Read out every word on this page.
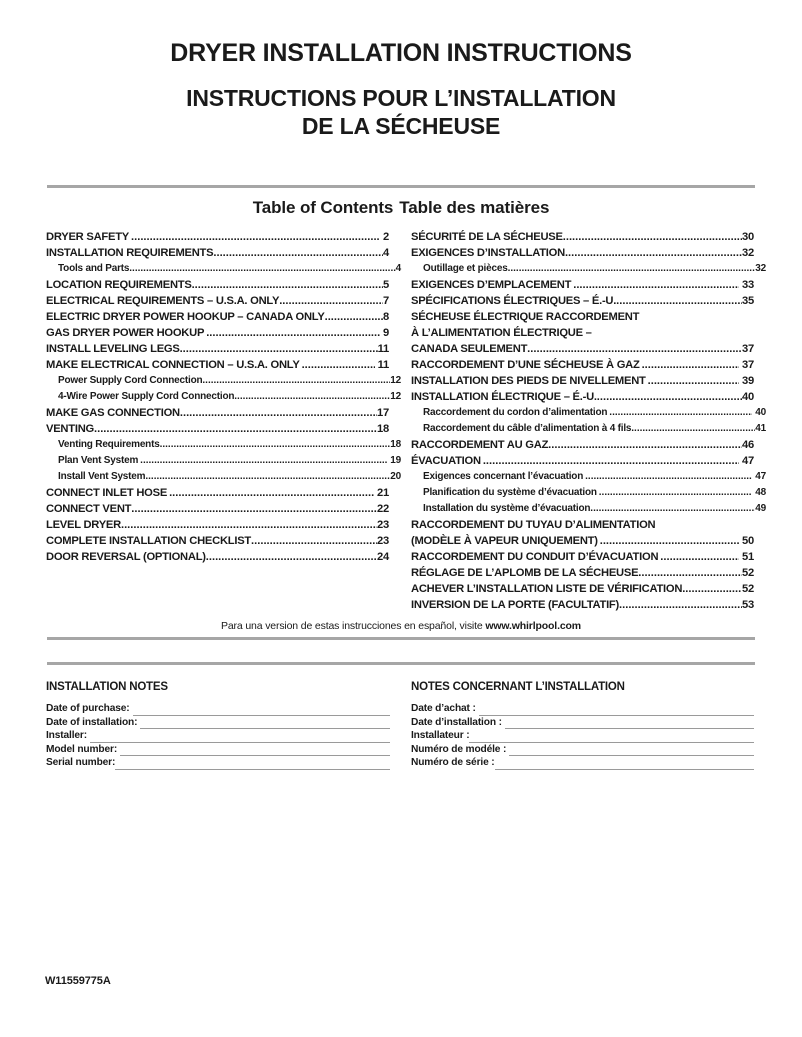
DRYER INSTALLATION INSTRUCTIONS
INSTRUCTIONS POUR L’INSTALLATION
DE LA SÉCHEUSE
Table of Contents Table des matières
DRYER SAFETY .....	2
INSTALLATION REQUIREMENTS .....	4
Tools and Parts .....	4
LOCATION REQUIREMENTS .....	5
ELECTRICAL REQUIREMENTS – U.S.A. ONLY .....	7
ELECTRIC DRYER POWER HOOKUP – CANADA ONLY .....	8
GAS DRYER POWER HOOKUP .....	9
INSTALL LEVELING LEGS .....	11
MAKE ELECTRICAL CONNECTION – U.S.A. ONLY .....	11
Power Supply Cord Connection .....	12
4-Wire Power Supply Cord Connection .....	12
MAKE GAS CONNECTION .....	17
VENTING .....	18
Venting Requirements .....	18
Plan Vent System .....	19
Install Vent System .....	20
CONNECT INLET HOSE .....	21
CONNECT VENT .....	22
LEVEL DRYER .....	23
COMPLETE INSTALLATION CHECKLIST .....	23
DOOR REVERSAL (OPTIONAL) .....	24
SÉCURITÉ DE LA SÉCHEUSE .....	30
EXIGENCES D’INSTALLATION .....	32
Outillage et pièces .....	32
EXIGENCES D’EMPLACEMENT .....	33
SPÉCIFICATIONS ÉLECTRIQUES – É.-U. .....	35
SÉCHEUSE ÉLECTRIQUE RACCORDEMENT
À L’ALIMENTATION ÉLECTRIQUE –
CANADA SEULEMENT .....	37
RACCORDEMENT D’UNE SÉCHEUSE À GAZ .....	37
INSTALLATION DES PIEDS DE NIVELLEMENT .....	39
INSTALLATION ÉLECTRIQUE – É.-U. .....	40
Raccordement du cordon d’alimentation .....	40
Raccordement du câble d’alimentation à 4 fils .....	41
RACCORDEMENT AU GAZ .....	46
ÉVACUATION .....	47
Exigences concernant l’évacuation .....	47
Planification du système d’évacuation .....	48
Installation du système d’évacuation .....	49
RACCORDEMENT DU TUYAU D’ALIMENTATION
(MODÈLE À VAPEUR UNIQUEMENT) .....	50
RACCORDEMENT DU CONDUIT D’ÉVACUATION .....	51
RÉGLAGE DE L’APLOMB DE LA SÉCHEUSE .....	52
ACHEVER L’INSTALLATION LISTE DE VÉRIFICATION .....	52
INVERSION DE LA PORTE (FACULTATIF) .....	53
Para una version de estas instrucciones en español, visite www.whirlpool.com
INSTALLATION NOTES
Date of purchase:
Date of installation:
Installer:
Model number:
Serial number:
NOTES CONCERNANT L’INSTALLATION
Date d’achat :
Date d’installation :
Installateur :
Numéro de modéle :
Numéro de série :
W11559775A
